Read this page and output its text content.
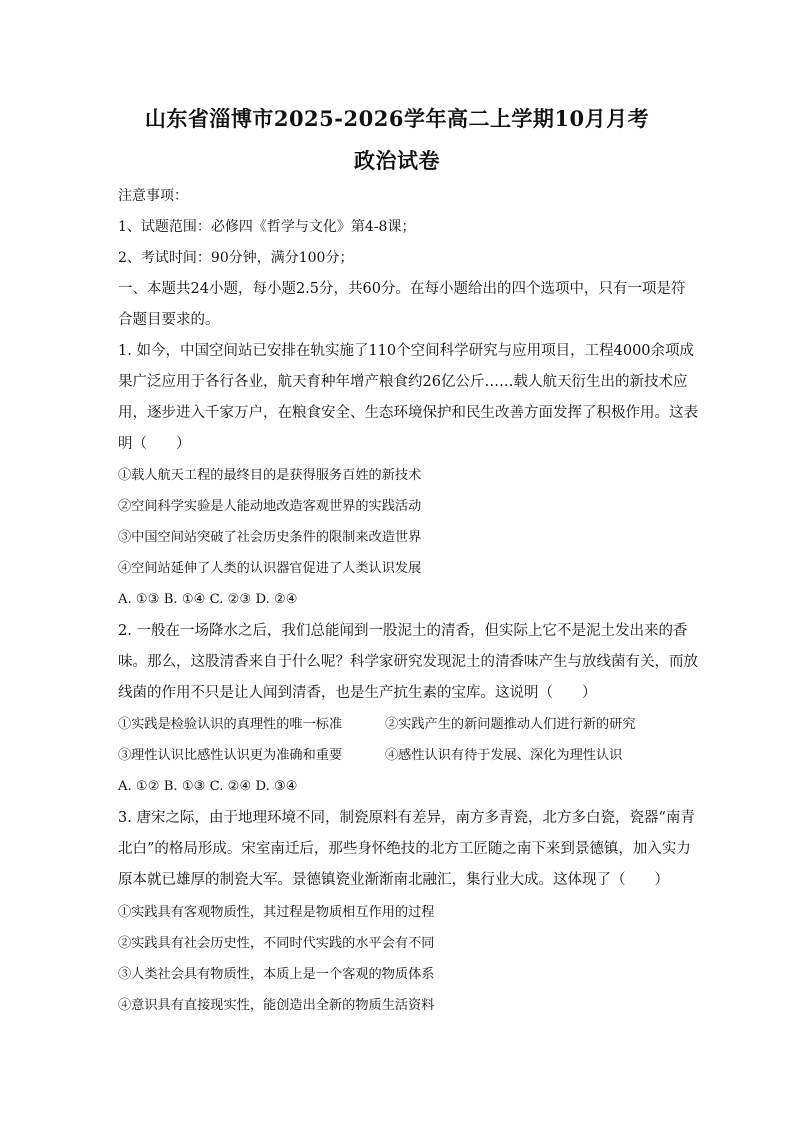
山东省淄博市2025-2026学年高二上学期10月月考
政治试卷
注意事项：
1、试题范围：必修四《哲学与文化》第4-8课；
2、考试时间：90分钟，满分100分；
一、本题共24小题，每小题2.5分，共60分。在每小题给出的四个选项中，只有一项是符
合题目要求的。
1. 如今，中国空间站已安排在轨实施了110个空间科学研究与应用项目，工程4000余项成
果广泛应用于各行各业，航天育种年增产粮食约26亿公斤……载人航天衍生出的新技术应
用，逐步进入千家万户，在粮食安全、生态环境保护和民生改善方面发挥了积极作用。这表
明（　　）
①载人航天工程的最终目的是获得服务百姓的新技术
②空间科学实验是人能动地改造客观世界的实践活动
③中国空间站突破了社会历史条件的限制来改造世界
④空间站延伸了人类的认识器官促进了人类认识发展
A. ①③ B. ①④ C. ②③ D. ②④
2. 一般在一场降水之后，我们总能闻到一股泥土的清香，但实际上它不是泥土发出来的香
味。那么，这股清香来自于什么呢？科学家研究发现泥土的清香味产生与放线菌有关，而放
线菌的作用不只是让人闻到清香，也是生产抗生素的宝库。这说明（　　）
①实践是检验认识的真理性的唯一标准	②实践产生的新问题推动人们进行新的研究
③理性认识比感性认识更为准确和重要	④感性认识有待于发展、深化为理性认识
A. ①② B. ①③ C. ②④ D. ③④
3. 唐宋之际，由于地理环境不同，制瓷原料有差异，南方多青瓷，北方多白瓷，瓷器“南青
北白”的格局形成。宋室南迁后，那些身怀绝技的北方工匠随之南下来到景德镇，加入实力
原本就已雄厚的制瓷大军。景德镇瓷业渐渐南北融汇，集行业大成。这体现了（　　）
①实践具有客观物质性，其过程是物质相互作用的过程
②实践具有社会历史性，不同时代实践的水平会有不同
③人类社会具有物质性，本质上是一个客观的物质体系
④意识具有直接现实性，能创造出全新的物质生活资料
